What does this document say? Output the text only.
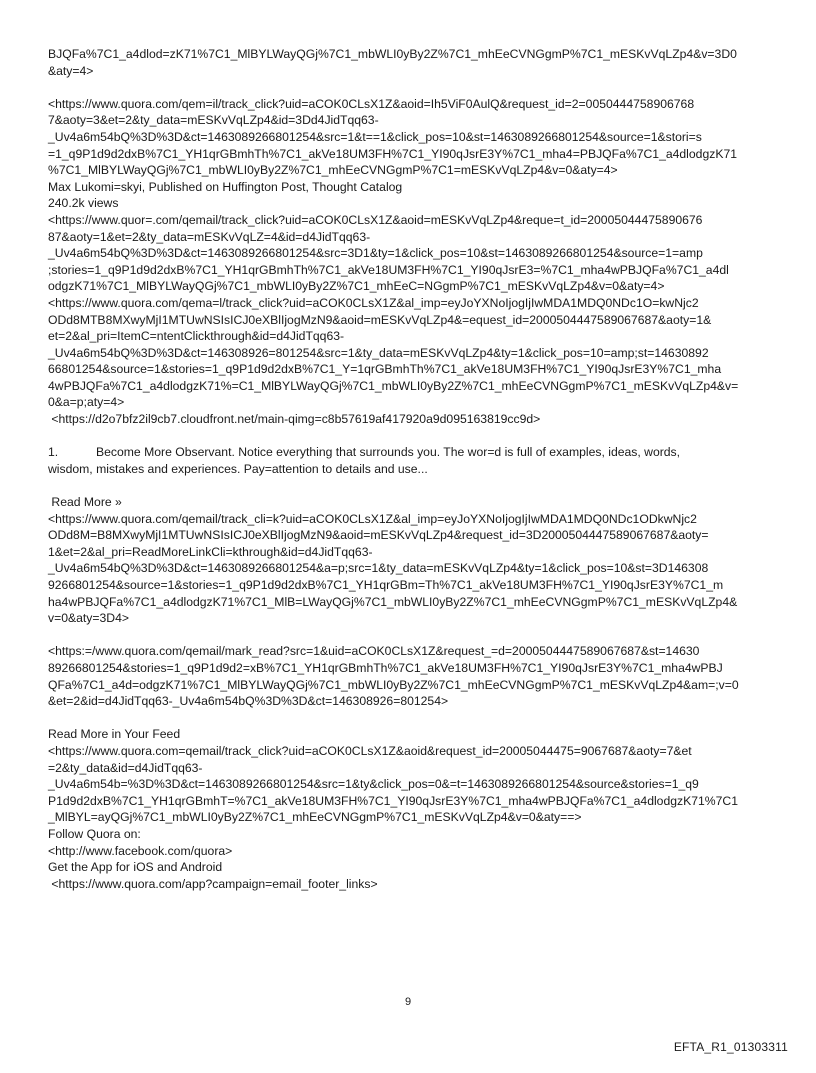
BJQFa%7C1_a4dlod=zK71%7C1_MlBYLWayQGj%7C1_mbWLI0yBy2Z%7C1_mhEeCVNGgmP%7C1_mESKvVqLZp4&v=3D0
&aty=4>
<https://www.quora.com/qem=il/track_click?uid=aCOK0CLsX1Z&aoid=Ih5ViF0AulQ&request_id=2=0050444758906768
7&aoty=3&et=2&ty_data=mESKvVqLZp4&id=3Dd4JidTqq63-
_Uv4a6m54bQ%3D%3D&ct=1463089266801254&src=1&t==1&click_pos=10&st=1463089266801254&source=1&stori=s
=1_q9P1d9d2dxB%7C1_YH1qrGBmhTh%7C1_akVe18UM3FH%7C1_YI90qJsrE3Y%7C1_mha4=PBJQFa%7C1_a4dlodgzK71
%7C1_MlBYLWayQGj%7C1_mbWLI0yBy2Z%7C1_mhEeCVNGgmP%7C1=mESKvVqLZp4&v=0&aty=4>
Max Lukomi=skyi, Published on Huffington Post, Thought Catalog
240.2k views
<https://www.quor=.com/qemail/track_click?uid=aCOK0CLsX1Z&aoid=mESKvVqLZp4&reque=t_id=20005044475890676
87&aoty=1&et=2&ty_data=mESKvVqLZ=4&id=d4JidTqq63-
_Uv4a6m54bQ%3D%3D&ct=1463089266801254&src=3D1&ty=1&click_pos=10&st=1463089266801254&source=1=amp
;stories=1_q9P1d9d2dxB%7C1_YH1qrGBmhTh%7C1_akVe18UM3FH%7C1_YI90qJsrE3=%7C1_mha4wPBJQFa%7C1_a4dl
odgzK71%7C1_MlBYLWayQGj%7C1_mbWLI0yBy2Z%7C1_mhEeC=NGgmP%7C1_mESKvVqLZp4&v=0&aty=4>
<https://www.quora.com/qema=l/track_click?uid=aCOK0CLsX1Z&al_imp=eyJoYXNoIjogIjIwMDA1MDQ0NDc1O=kwNjc2
ODd8MTB8MXwyMjI1MTUwNSIsICJ0eXBlIjogMzN9&aoid=mESKvVqLZp4&=equest_id=2000504447589067687&aoty=1&
et=2&al_pri=ItemC=ntentClickthrough&id=d4JidTqq63-
_Uv4a6m54bQ%3D%3D&ct=146308926=801254&src=1&ty_data=mESKvVqLZp4&ty=1&click_pos=10=amp;st=14630892
66801254&source=1&stories=1_q9P1d9d2dxB%7C1_Y=1qrGBmhTh%7C1_akVe18UM3FH%7C1_YI90qJsrE3Y%7C1_mha
4wPBJQFa%7C1_a4dlodgzK71%=C1_MlBYLWayQGj%7C1_mbWLI0yBy2Z%7C1_mhEeCVNGgmP%7C1_mESKvVqLZp4&v=
0&a=p;aty=4>
<https://d2o7bfz2il9cb7.cloudfront.net/main-qimg=c8b57619af417920a9d095163819cc9d>
1.	Become More Observant. Notice everything that surrounds you. The wor=d is full of examples, ideas, words,
wisdom, mistakes and experiences. Pay=attention to details and use...
Read More »
<https://www.quora.com/qemail/track_cli=k?uid=aCOK0CLsX1Z&al_imp=eyJoYXNoIjogIjIwMDA1MDQ0NDc1ODkwNjc2
ODd8M=B8MXwyMjI1MTUwNSIsICJ0eXBlIjogMzN9&aoid=mESKvVqLZp4&request_id=3D2000504447589067687&aoty=
1&et=2&al_pri=ReadMoreLinkCli=kthrough&id=d4JidTqq63-
_Uv4a6m54bQ%3D%3D&ct=1463089266801254&a=p;src=1&ty_data=mESKvVqLZp4&ty=1&click_pos=10&st=3D146308
9266801254&source=1&stories=1_q9P1d9d2dxB%7C1_YH1qrGBm=Th%7C1_akVe18UM3FH%7C1_YI90qJsrE3Y%7C1_m
ha4wPBJQFa%7C1_a4dlodgzK71%7C1_MlB=LWayQGj%7C1_mbWLI0yBy2Z%7C1_mhEeCVNGgmP%7C1_mESKvVqLZp4&
v=0&aty=3D4>
<https:=/www.quora.com/qemail/mark_read?src=1&uid=aCOK0CLsX1Z&request_=d=2000504447589067687&st=14630
89266801254&stories=1_q9P1d9d2=xB%7C1_YH1qrGBmhTh%7C1_akVe18UM3FH%7C1_YI90qJsrE3Y%7C1_mha4wPBJ
QFa%7C1_a4d=odgzK71%7C1_MlBYLWayQGj%7C1_mbWLI0yBy2Z%7C1_mhEeCVNGgmP%7C1_mESKvVqLZp4&am=;v=0
&et=2&id=d4JidTqq63-_Uv4a6m54bQ%3D%3D&ct=146308926=801254>
Read More in Your Feed
<https://www.quora.com=qemail/track_click?uid=aCOK0CLsX1Z&aoid&request_id=20005044475=9067687&aoty=7&et
=2&ty_data&id=d4JidTqq63-
_Uv4a6m54b=%3D%3D&ct=1463089266801254&src=1&ty&click_pos=0&=t=1463089266801254&source&stories=1_q9
P1d9d2dxB%7C1_YH1qrGBmhT=%7C1_akVe18UM3FH%7C1_YI90qJsrE3Y%7C1_mha4wPBJQFa%7C1_a4dlodgzK71%7C1
_MlBYL=ayQGj%7C1_mbWLI0yBy2Z%7C1_mhEeCVNGgmP%7C1_mESKvVqLZp4&v=0&aty==>
Follow Quora on:
<http://www.facebook.com/quora>
Get the App for iOS and Android
<https://www.quora.com/app?campaign=email_footer_links>
9
EFTA_R1_01303311
